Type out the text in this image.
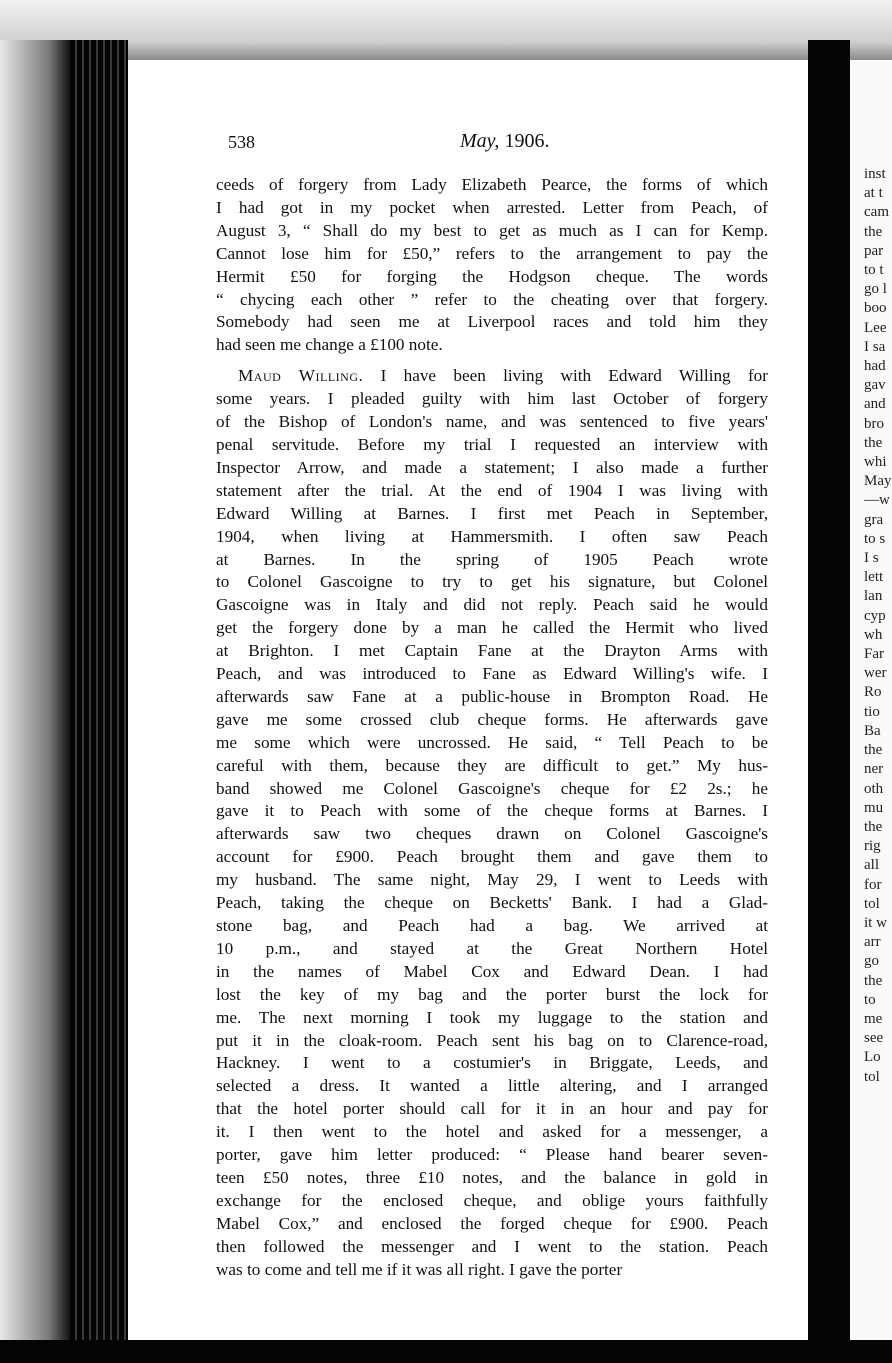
inst
at t
cam
the
par
to t
go l
boo
Lee
I sa
had
gav
and
bro
the
whi
May
—w
gra
to s
I s
lett
lan
cyp
wh
Far
wer
Ro
tio
Ba
the
ner
oth
mu
the
rig
all
for
tol
it w
arr
go
the
to
me
see
Lo
tol
538	May, 1906.
ceeds of forgery from Lady Elizabeth Pearce, the forms of which
I had got in my pocket when arrested. Letter from Peach, of
August 3, “ Shall do my best to get as much as I can for Kemp.
Cannot lose him for £50,” refers to the arrangement to pay the
Hermit £50 for forging the Hodgson cheque. The words
“ chycing each other ” refer to the cheating over that forgery.
Somebody had seen me at Liverpool races and told him they
had seen me change a £100 note.
Maud Willing. I have been living with Edward Willing for
some years. I pleaded guilty with him last October of forgery
of the Bishop of London's name, and was sentenced to five years'
penal servitude. Before my trial I requested an interview with
Inspector Arrow, and made a statement; I also made a further
statement after the trial. At the end of 1904 I was living with
Edward Willing at Barnes. I first met Peach in September,
1904, when living at Hammersmith. I often saw Peach
at Barnes. In the spring of 1905 Peach wrote
to Colonel Gascoigne to try to get his signature, but Colonel
Gascoigne was in Italy and did not reply. Peach said he would
get the forgery done by a man he called the Hermit who lived
at Brighton. I met Captain Fane at the Drayton Arms with
Peach, and was introduced to Fane as Edward Willing's wife. I
afterwards saw Fane at a public-house in Brompton Road. He
gave me some crossed club cheque forms. He afterwards gave
me some which were uncrossed. He said, “ Tell Peach to be
careful with them, because they are difficult to get.” My hus-
band showed me Colonel Gascoigne's cheque for £2 2s.; he
gave it to Peach with some of the cheque forms at Barnes. I
afterwards saw two cheques drawn on Colonel Gascoigne's
account for £900. Peach brought them and gave them to
my husband. The same night, May 29, I went to Leeds with
Peach, taking the cheque on Becketts' Bank. I had a Glad-
stone bag, and Peach had a bag. We arrived at
10 p.m., and stayed at the Great Northern Hotel
in the names of Mabel Cox and Edward Dean. I had
lost the key of my bag and the porter burst the lock for
me. The next morning I took my luggage to the station and
put it in the cloak-room. Peach sent his bag on to Clarence-road,
Hackney. I went to a costumier's in Briggate, Leeds, and
selected a dress. It wanted a little altering, and I arranged
that the hotel porter should call for it in an hour and pay for
it. I then went to the hotel and asked for a messenger, a
porter, gave him letter produced: “ Please hand bearer seven-
teen £50 notes, three £10 notes, and the balance in gold in
exchange for the enclosed cheque, and oblige yours faithfully
Mabel Cox,” and enclosed the forged cheque for £900. Peach
then followed the messenger and I went to the station. Peach
was to come and tell me if it was all right. I gave the porter
